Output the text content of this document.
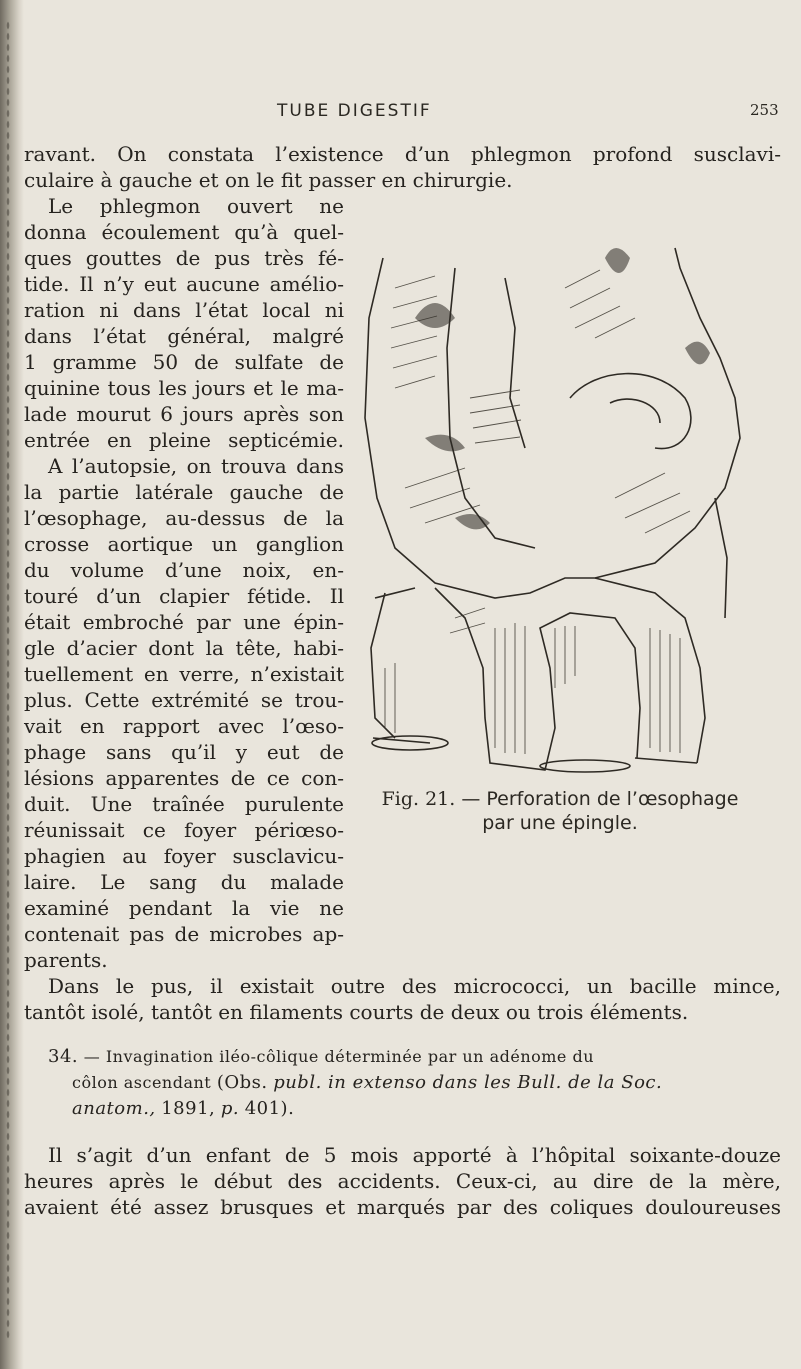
TUBE DIGESTIF	253
ravant. On constata l’existence d’un phlegmon profond susclavi-
culaire à gauche et on le fit passer en chirurgie.
Le phlegmon ouvert ne
donna écoulement qu’à quel-
ques gouttes de pus très fé-
tide. Il n’y eut aucune amélio-
ration ni dans l’état local ni
dans l’état général, malgré
1 gramme 50 de sulfate de
quinine tous les jours et le ma-
lade mourut 6 jours après son
entrée en pleine septicémie.
A l’autopsie, on trouva dans
la partie latérale gauche de
l’œsophage, au-dessus de la
crosse aortique un ganglion
du volume d’une noix, en-
touré d’un clapier fétide. Il
était embroché par une épin-
gle d’acier dont la tête, habi-
tuellement en verre, n’existait
plus. Cette extrémité se trou-
vait en rapport avec l’œso-
phage sans qu’il y eut de
lésions apparentes de ce con-
duit. Une traînée purulente
réunissait ce foyer périœso-
phagien au foyer susclavicu-
laire. Le sang du malade
examiné pendant la vie ne
contenait pas de microbes ap-
parents.
Fig. 21. — Perforation de l’œsophage
par une épingle.
Dans le pus, il existait outre des micrococci, un bacille mince,
tantôt isolé, tantôt en filaments courts de deux ou trois éléments.
34. — Invagination iléo-côlique déterminée par un adénome du
côlon ascendant (Obs. publ. in extenso dans les Bull. de la Soc.
anatom., 1891, p. 401).
Il s’agit d’un enfant de 5 mois apporté à l’hôpital soixante-douze
heures après le début des accidents. Ceux-ci, au dire de la mère,
avaient été assez brusques et marqués par des coliques douloureuses
